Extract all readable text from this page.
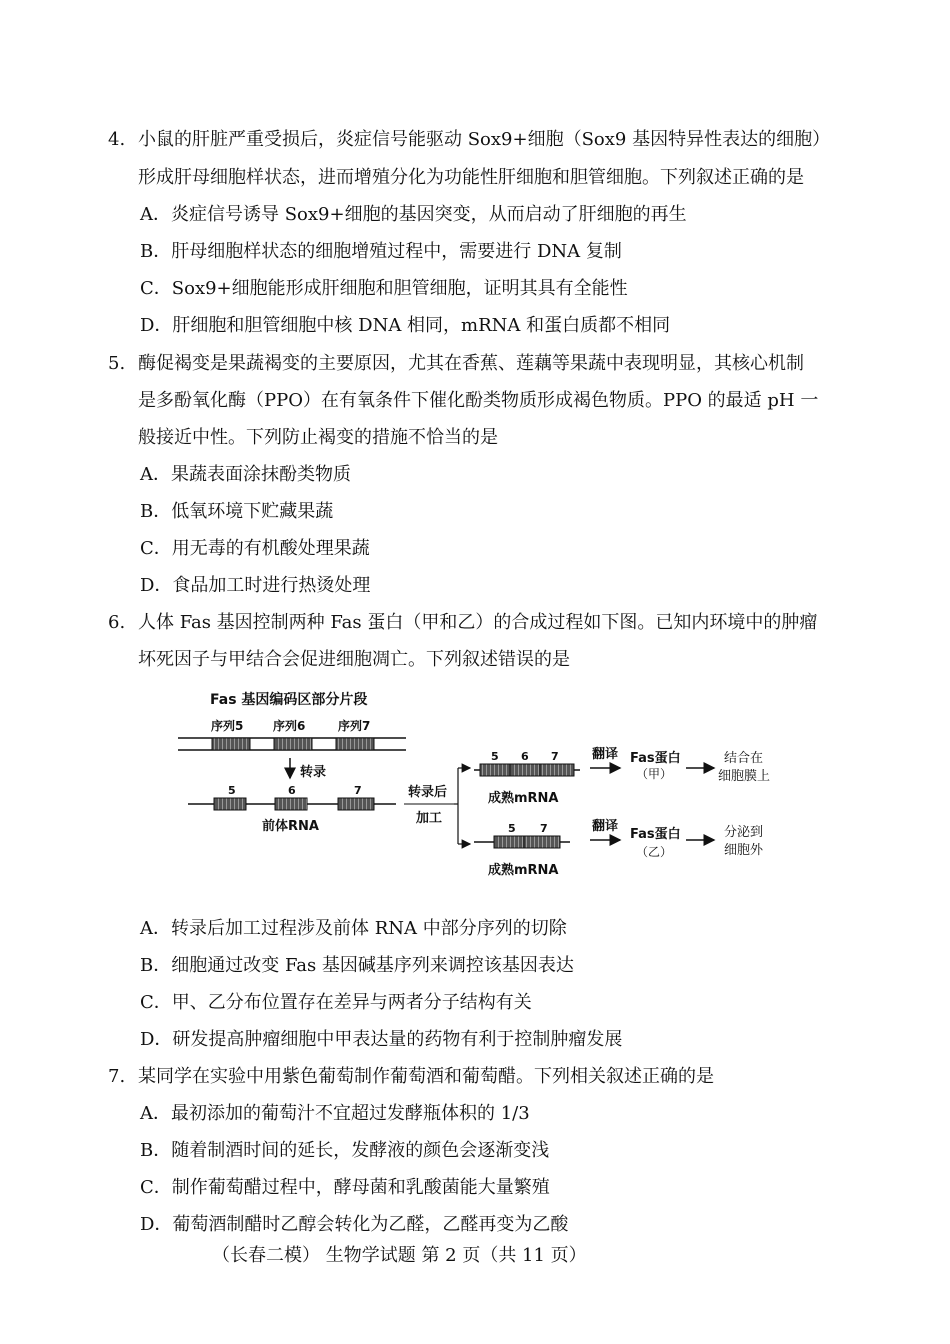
4. 小鼠的肝脏严重受损后，炎症信号能驱动 Sox9+细胞（Sox9 基因特异性表达的细胞）
形成肝母细胞样状态，进而增殖分化为功能性肝细胞和胆管细胞。下列叙述正确的是
A．炎症信号诱导 Sox9+细胞的基因突变，从而启动了肝细胞的再生
B．肝母细胞样状态的细胞增殖过程中，需要进行 DNA 复制
C．Sox9+细胞能形成肝细胞和胆管细胞，证明其具有全能性
D．肝细胞和胆管细胞中核 DNA 相同，mRNA 和蛋白质都不相同
5. 酶促褐变是果蔬褐变的主要原因，尤其在香蕉、莲藕等果蔬中表现明显，其核心机制
是多酚氧化酶（PPO）在有氧条件下催化酚类物质形成褐色物质。PPO 的最适 pH 一
般接近中性。下列防止褐变的措施不恰当的是
A．果蔬表面涂抹酚类物质
B．低氧环境下贮藏果蔬
C．用无毒的有机酸处理果蔬
D．食品加工时进行热烫处理
6. 人体 Fas 基因控制两种 Fas 蛋白（甲和乙）的合成过程如下图。已知内环境中的肿瘤
坏死因子与甲结合会促进细胞凋亡。下列叙述错误的是
Fas 基因编码区部分片段
序列5 序列6	序列7
转录
5	6	7
前体RNA
转录后
加工
5 6 7
成熟mRNA
5 7
成熟mRNA
翻译
翻译
Fas蛋白
（甲）
结合在
细胞膜上
Fas蛋白
（乙）
分泌到
细胞外
A．转录后加工过程涉及前体 RNA 中部分序列的切除
B．细胞通过改变 Fas 基因碱基序列来调控该基因表达
C．甲、乙分布位置存在差异与两者分子结构有关
D．研发提高肿瘤细胞中甲表达量的药物有利于控制肿瘤发展
7. 某同学在实验中用紫色葡萄制作葡萄酒和葡萄醋。下列相关叙述正确的是
A．最初添加的葡萄汁不宜超过发酵瓶体积的 1/3
B．随着制酒时间的延长，发酵液的颜色会逐渐变浅
C．制作葡萄醋过程中，酵母菌和乳酸菌能大量繁殖
D．葡萄酒制醋时乙醇会转化为乙醛，乙醛再变为乙酸
（长春二模） 生物学试题 第 2 页（共 11 页）
